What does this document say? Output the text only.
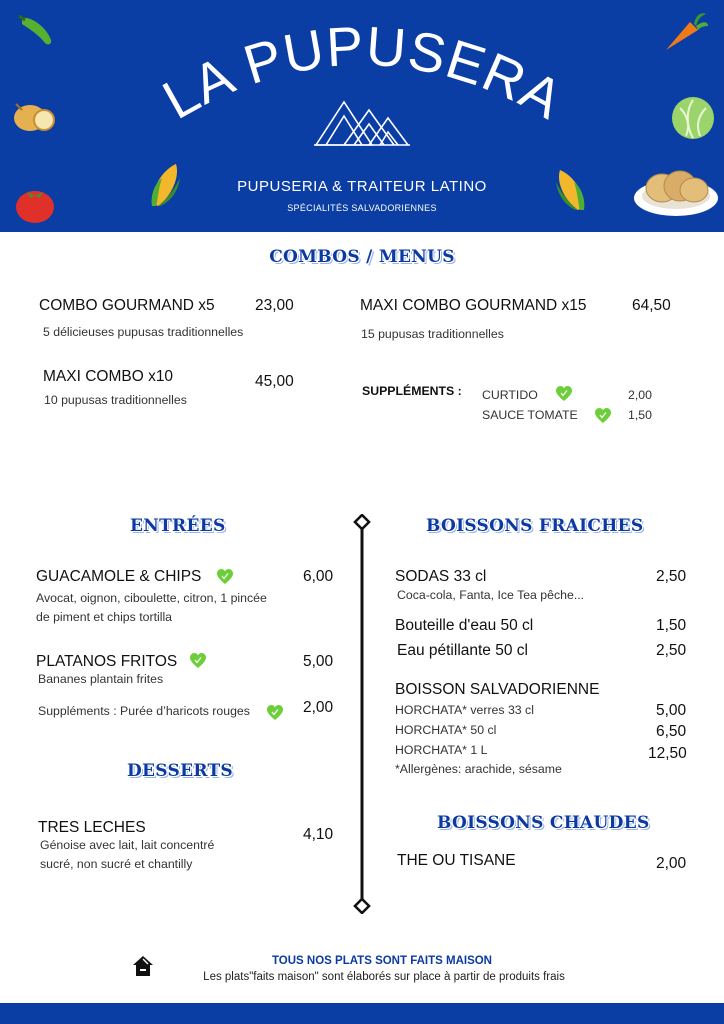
LA PUPUSERA
PUPUSERIA & TRAITEUR LATINO
SPÉCIALITÉS SALVADORIENNES
COMBOS / MENUS
COMBO GOURMAND x5	23,00
5 délicieuses pupusas traditionnelles
MAXI COMBO GOURMAND x15	64,50
15 pupusas traditionnelles
MAXI COMBO x10	45,00
10 pupusas traditionnelles
SUPPLÉMENTS : CURTIDO	2,00
SAUCE TOMATE	1,50
ENTRÉES
GUACAMOLE & CHIPS	6,00
Avocat, oignon, ciboulette, citron, 1 pincée
de piment et chips tortilla
PLATANOS FRITOS	5,00
Bananes plantain frites
Suppléments : Purée d’haricots rouges	2,00
DESSERTS
TRES LECHES	4,10
Génoise avec lait, lait concentré
sucré, non sucré et chantilly
BOISSONS FRAICHES
SODAS 33 cl	2,50
Coca-cola, Fanta, Ice Tea pêche...
Bouteille d'eau 50 cl	1,50
Eau pétillante 50 cl	2,50
BOISSON SALVADORIENNE
HORCHATA* verres 33 cl	5,00
HORCHATA* 50 cl	6,50
HORCHATA* 1 L	12,50
*Allergènes: arachide, sésame
BOISSONS CHAUDES
THE OU TISANE	2,00
TOUS NOS PLATS SONT FAITS MAISON
Les plats"faits maison" sont élaborés sur place à partir de produits frais
